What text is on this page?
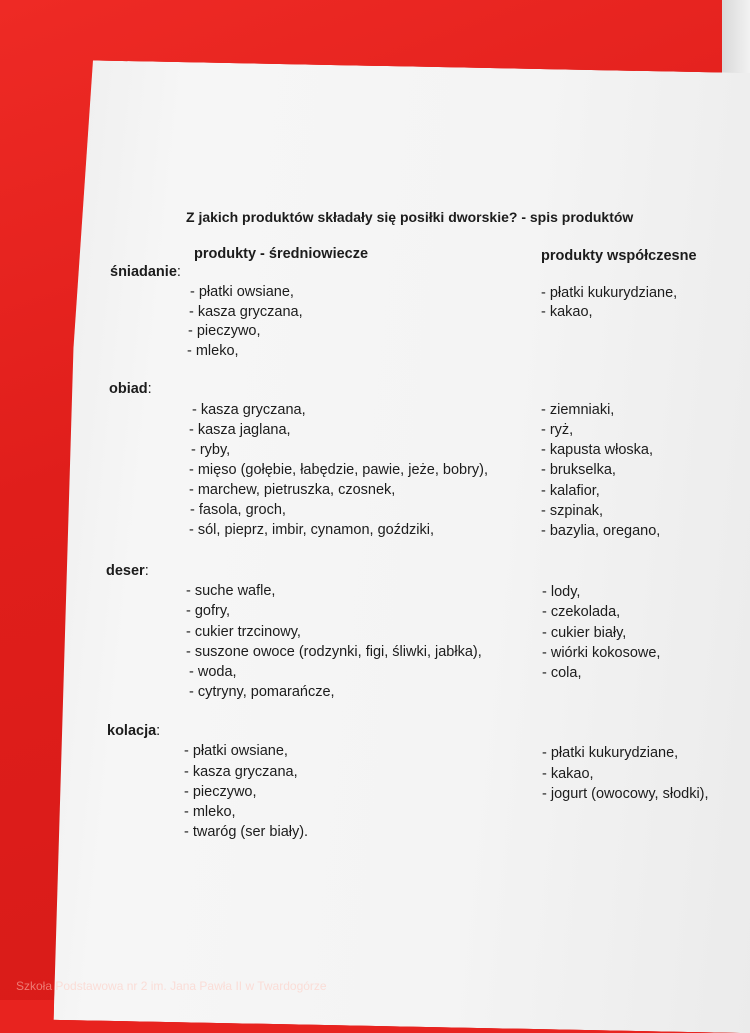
Z jakich produktów składały się posiłki dworskie? - spis produktów
produkty - średniowiecze	produkty współczesne
śniadanie:
- płatki owsiane,
- kasza gryczana,
- pieczywo,
- mleko,
- płatki kukurydziane,
- kakao,
obiad:
- kasza gryczana,
- kasza jaglana,
- ryby,
- mięso (gołębie, łabędzie, pawie, jeże, bobry),
- marchew, pietruszka, czosnek,
- fasola, groch,
- sól, pieprz, imbir, cynamon, goździki,
- ziemniaki,
- ryż,
- kapusta włoska,
- brukselka,
- kalafior,
- szpinak,
- bazylia, oregano,
deser:
- suche wafle,
- gofry,
- cukier trzcinowy,
- suszone owoce (rodzynki, figi, śliwki, jabłka),
- woda,
- cytryny, pomarańcze,
- lody,
- czekolada,
- cukier biały,
- wiórki kokosowe,
- cola,
kolacja:
- płatki owsiane,
- kasza gryczana,
- pieczywo,
- mleko,
- twaróg (ser biały).
- płatki kukurydziane,
- kakao,
- jogurt (owocowy, słodki),
Szkoła Podstawowa nr 2 im. Jana Pawła II w Twardogórze
